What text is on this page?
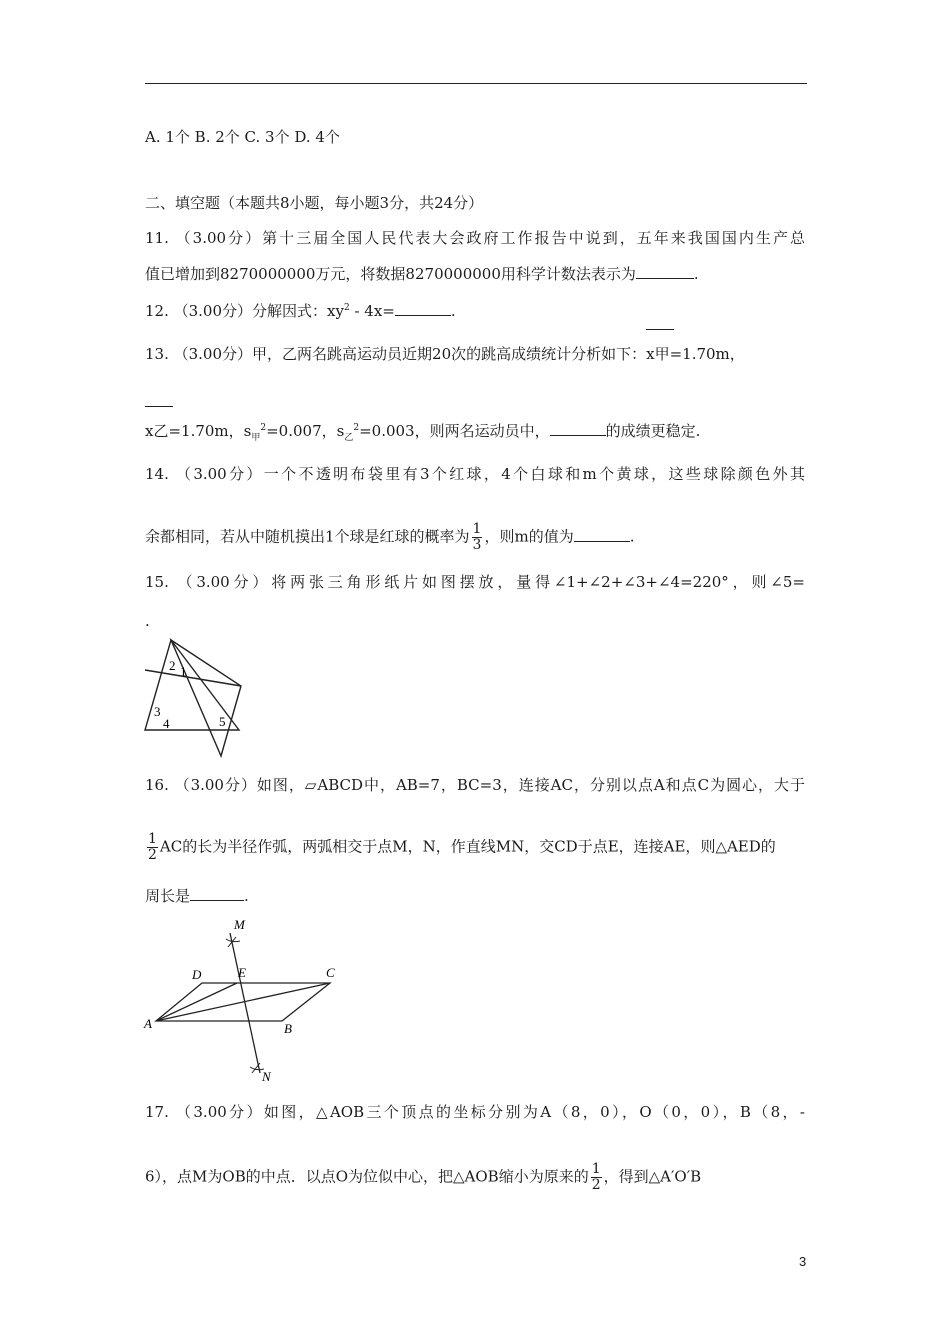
A. 1个 B. 2个 C. 3个 D. 4个
二、填空题（本题共8小题，每小题3分，共24分）
11. （3.00分）第十三届全国人民代表大会政府工作报告中说到，五年来我国国内生产总
值已增加到8270000000万元，将数据8270000000用科学计数法表示为	.
12. （3.00分）分解因式：$xy^2 - 4x=$	.
13. （3.00分）甲，乙两名跳高运动员近期20次的跳高成绩统计分析如下：x甲=1.70m，
x乙=1.70m，$s_甲^2=0.007$，$s_乙^2=0.003$，则两名运动员中，	的成绩更稳定.
14. （3.00分）一个不透明布袋里有3个红球，4个白球和m个黄球，这些球除颜色外其
余都相同，若从中随机摸出1个球是红球的概率为 $\frac{1}{3}$ ，则m的值为	.
15. （3.00分）将两张三角形纸片如图摆放，量得∠1+∠2+∠3+∠4=220°，则∠5=
.
2 1
3
4	5
16. （3.00分）如图，▱ABCD中，AB=7，BC=3，连接AC，分别以点A和点C为圆心，大于
$\frac{1}{2}$ AC的长为半径作弧，两弧相交于点M，N，作直线MN，交CD于点E，连接AE，则△AED的
周长是	.
M
D	E	C
A	B
N
17. （3.00分）如图，△AOB三个顶点的坐标分别为A（8，0），O（0，0），B（8，-
6），点M为OB的中点．以点O为位似中心，把△AOB缩小为原来的 $\frac{1}{2}$ ，得到△A′O′B
3
